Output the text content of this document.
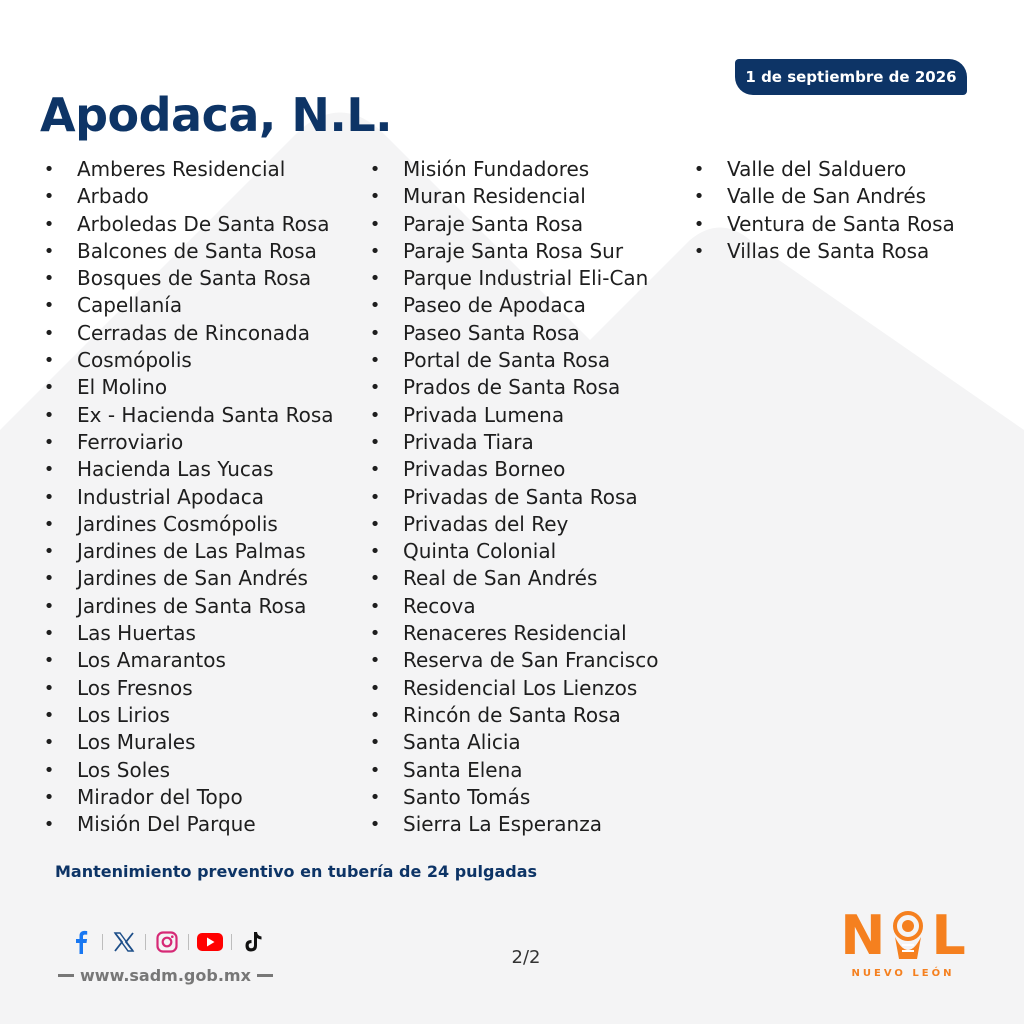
1 de septiembre de 2026
Apodaca, N.L.
• Amberes Residencial
• Arbado
• Arboledas De Santa Rosa
• Balcones de Santa Rosa
• Bosques de Santa Rosa
• Capellanía
• Cerradas de Rinconada
• Cosmópolis
• El Molino
• Ex - Hacienda Santa Rosa
• Ferroviario
• Hacienda Las Yucas
• Industrial Apodaca
• Jardines Cosmópolis
• Jardines de Las Palmas
• Jardines de San Andrés
• Jardines de Santa Rosa
• Las Huertas
• Los Amarantos
• Los Fresnos
• Los Lirios
• Los Murales
• Los Soles
• Mirador del Topo
• Misión Del Parque
• Misión Fundadores
• Muran Residencial
• Paraje Santa Rosa
• Paraje Santa Rosa Sur
• Parque Industrial Eli-Can
• Paseo de Apodaca
• Paseo Santa Rosa
• Portal de Santa Rosa
• Prados de Santa Rosa
• Privada Lumena
• Privada Tiara
• Privadas Borneo
• Privadas de Santa Rosa
• Privadas del Rey
• Quinta Colonial
• Real de San Andrés
• Recova
• Renaceres Residencial
• Reserva de San Francisco
• Residencial Los Lienzos
• Rincón de Santa Rosa
• Santa Alicia
• Santa Elena
• Santo Tomás
• Sierra La Esperanza
• Valle del Salduero
• Valle de San Andrés
• Ventura de Santa Rosa
• Villas de Santa Rosa

Mantenimiento preventivo en tubería de 24 pulgadas

www.sadm.gob.mx
2/2	N L
NUEVO LEÓN
